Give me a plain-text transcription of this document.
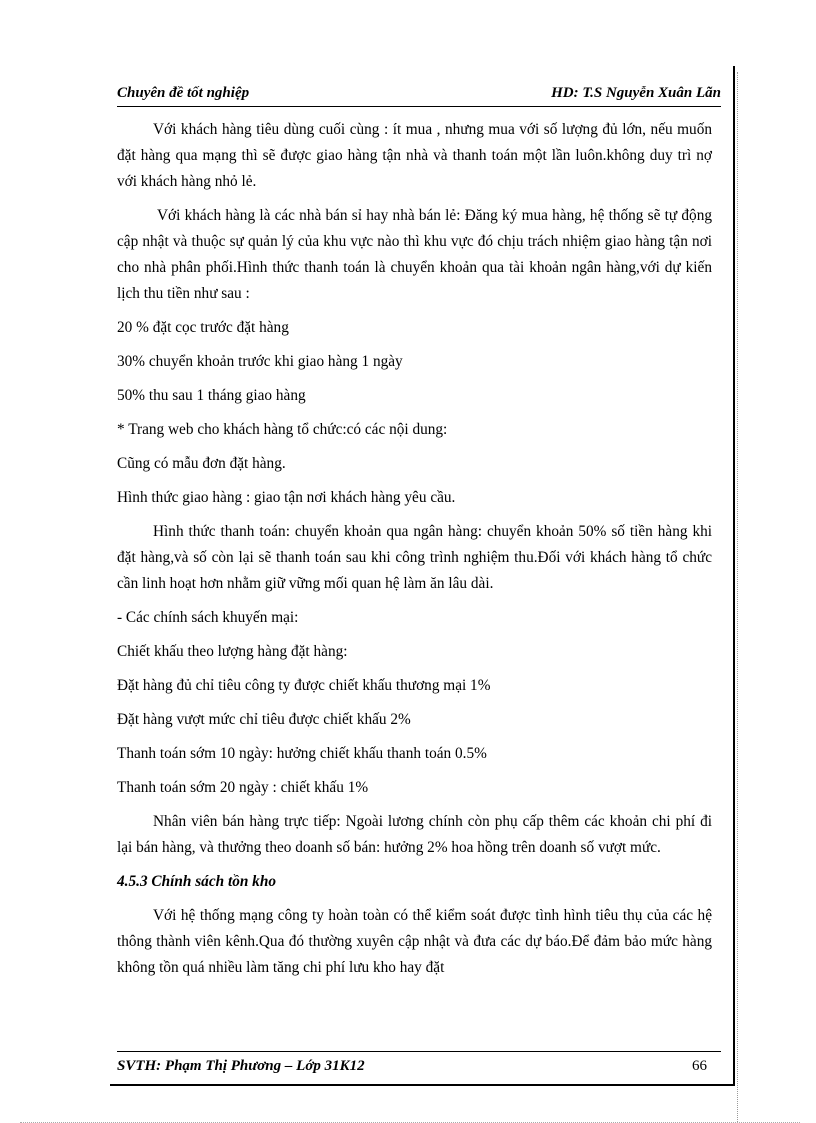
Chuyên đề tốt nghiệp	HD: T.S Nguyễn Xuân Lãn

Với khách hàng tiêu dùng cuối cùng : ít mua , nhưng mua với số lượng đủ lớn, nếu muốn đặt hàng qua mạng thì sẽ được giao hàng tận nhà và thanh toán một lần luôn.không duy trì nợ với khách hàng nhỏ lẻ.

Với khách hàng là các nhà bán sỉ hay nhà bán lẻ: Đăng ký mua hàng, hệ thống sẽ tự động cập nhật và thuộc sự quản lý của khu vực nào thì khu vực đó chịu trách nhiệm giao hàng tận nơi cho nhà phân phối.Hình thức thanh toán là chuyển khoản qua tài khoản ngân hàng,với dự kiến lịch thu tiền như sau :

20 % đặt cọc trước đặt hàng

30% chuyển khoản trước khi giao hàng 1 ngày

50% thu sau 1 tháng giao hàng

* Trang web cho khách hàng tổ chức:có các nội dung:

Cũng có mẫu đơn đặt hàng.

Hình thức giao hàng : giao tận nơi khách hàng yêu cầu.

Hình thức thanh toán: chuyển khoản qua ngân hàng: chuyển khoản 50% số tiền hàng khi đặt hàng,và số còn lại sẽ thanh toán sau khi công trình nghiệm thu.Đối với khách hàng tổ chức cần linh hoạt hơn nhằm giữ vững mối quan hệ làm ăn lâu dài.

- Các chính sách khuyến mại:

Chiết khấu theo lượng hàng đặt hàng:

Đặt hàng đủ chỉ tiêu công ty được chiết khấu thương mại 1%

Đặt hàng vượt mức chỉ tiêu được chiết khấu 2%

Thanh toán sớm 10 ngày: hưởng chiết khấu thanh toán 0.5%

Thanh toán sớm 20 ngày : chiết khấu 1%

Nhân viên bán hàng trực tiếp: Ngoài lương chính còn phụ cấp thêm các khoản chi phí đi lại bán hàng, và thưởng theo doanh số bán: hưởng 2% hoa hồng trên doanh số vượt mức.

4.5.3 Chính sách tồn kho

Với hệ thống mạng công ty hoàn toàn có thể kiểm soát được tình hình tiêu thụ của các hệ thông thành viên kênh.Qua đó thường xuyên cập nhật và đưa các dự báo.Để đảm bảo mức hàng không tồn quá nhiều làm tăng chi phí lưu kho hay đặt

SVTH: Phạm Thị Phương – Lớp 31K12	66
